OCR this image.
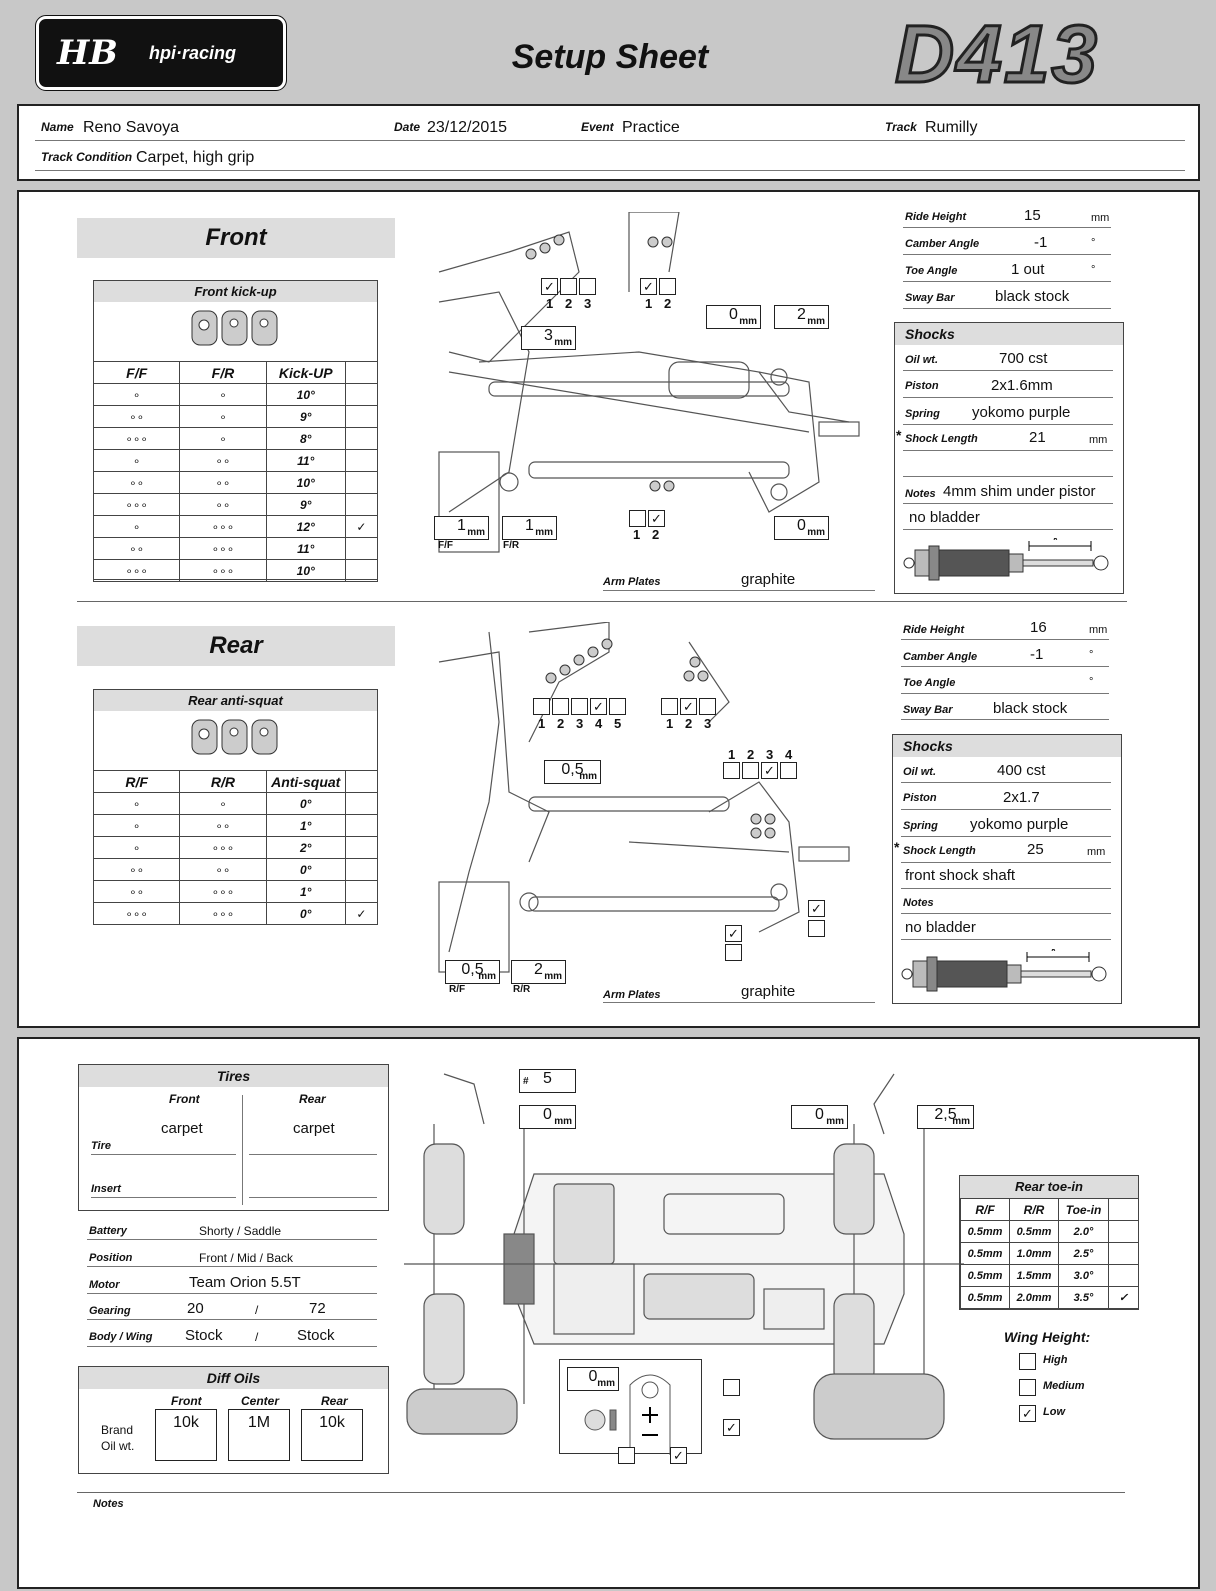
HB hpi·racing	Setup Sheet	D413
Name Reno Savoya	Date 23/12/2015	Event Practice	Track Rumilly
Track Condition Carpet, high grip
Front
Front kick-up
F/F	F/R	Kick-UP	
∘	∘	10°	
∘∘	∘	9°	
∘∘∘	∘	8°	
∘	∘∘	11°	
∘∘	∘∘	10°	
∘∘∘	∘∘	9°	
∘	∘∘∘	12°	✓
∘∘	∘∘∘	11°	
∘∘∘	∘∘∘	10°	
✓
1 2 3
✓
1 2
3 mm
0 mm	2 mm
1 mm	1 mm
F/F	F/R
✓
1 2
0 mm
Arm Plates	graphite
Ride Height	15	mm
Camber Angle	-1	°
Toe Angle	1 out	°
Sway Bar	black stock
Shocks
Oil wt.	700 cst
Piston	2x1.6mm
Spring yokomo purple
* Shock Length	21	mm
Notes 4mm shim under pistor
no bladder
*
Rear
Rear anti-squat
R/F	R/R	Anti-squat	
∘	∘	0°	
∘	∘∘	1°	
∘	∘∘∘	2°	
∘∘	∘∘	0°	
∘∘	∘∘∘	1°	
∘∘∘	∘∘∘	0°	✓
✓
1 2 3 4 5
✓
1 2 3
1 2 3 4
✓
0,5
mm
✓
✓
0,5
mm	2 mm
R/F	R/R	Arm Plates	graphite
Ride Height	16	mm
Camber Angle	-1	°
Toe Angle	°
Sway Bar	black stock
Shocks
Oil wt.	400 cst
Piston	2x1.7
Spring yokomo purple
* Shock Length	25	mm
front shock shaft
Notes
no bladder
*
Tires
Front	Rear
carpet	carpet
Tire
Insert
Battery	Shorty / Saddle
Position	Front / Mid / Back
Motor	Team Orion 5.5T
Gearing	20	/	72
Body / Wing Stock	/	Stock
Diff Oils
Front	Center	Rear
Brand
Oil wt.
10k	1M	10k
# 5
0 mm	0 mm	2,5
mm
0 mm
✓
✓
Rear toe-in
R/F	R/R	Toe-in	
0.5mm	0.5mm	2.0°	
0.5mm	1.0mm	2.5°	
0.5mm	1.5mm	3.0°	
0.5mm	2.0mm	3.5°	✓
Wing Height:
High
Medium
✓ Low
Notes
